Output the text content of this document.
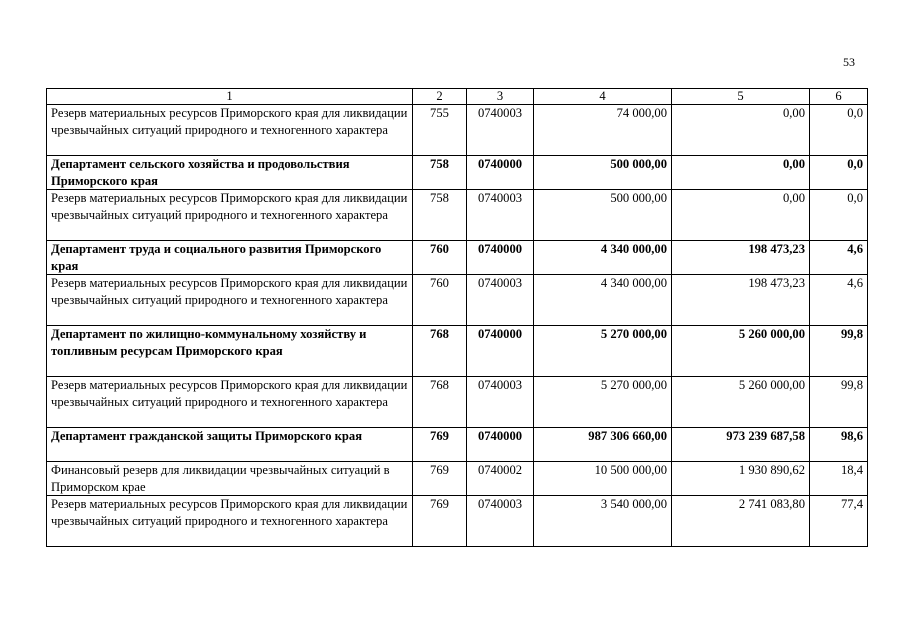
53
1	2	3	4	5	6
Резерв материальных ресурсов Приморского края для ликвидации чрезвычайных ситуаций природного и техногенного характера	755	0740003	74 000,00	0,00	0,0
Департамент сельского хозяйства и продовольствия Приморского края	758	0740000	500 000,00	0,00	0,0
Резерв материальных ресурсов Приморского края для ликвидации чрезвычайных ситуаций природного и техногенного характера	758	0740003	500 000,00	0,00	0,0
Департамент труда и социального развития Приморского края	760	0740000	4 340 000,00	198 473,23	4,6
Резерв материальных ресурсов Приморского края для ликвидации чрезвычайных ситуаций природного и техногенного характера	760	0740003	4 340 000,00	198 473,23	4,6
Департамент по жилищно-коммунальному хозяйству и топливным ресурсам Приморского края	768	0740000	5 270 000,00	5 260 000,00	99,8
Резерв материальных ресурсов Приморского края для ликвидации чрезвычайных ситуаций природного и техногенного характера	768	0740003	5 270 000,00	5 260 000,00	99,8
Департамент гражданской защиты Приморского края	769	0740000	987 306 660,00	973 239 687,58	98,6
Финансовый резерв для ликвидации чрезвычайных ситуаций в Приморском крае	769	0740002	10 500 000,00	1 930 890,62	18,4
Резерв материальных ресурсов Приморского края для ликвидации чрезвычайных ситуаций природного и техногенного характера	769	0740003	3 540 000,00	2 741 083,80	77,4
